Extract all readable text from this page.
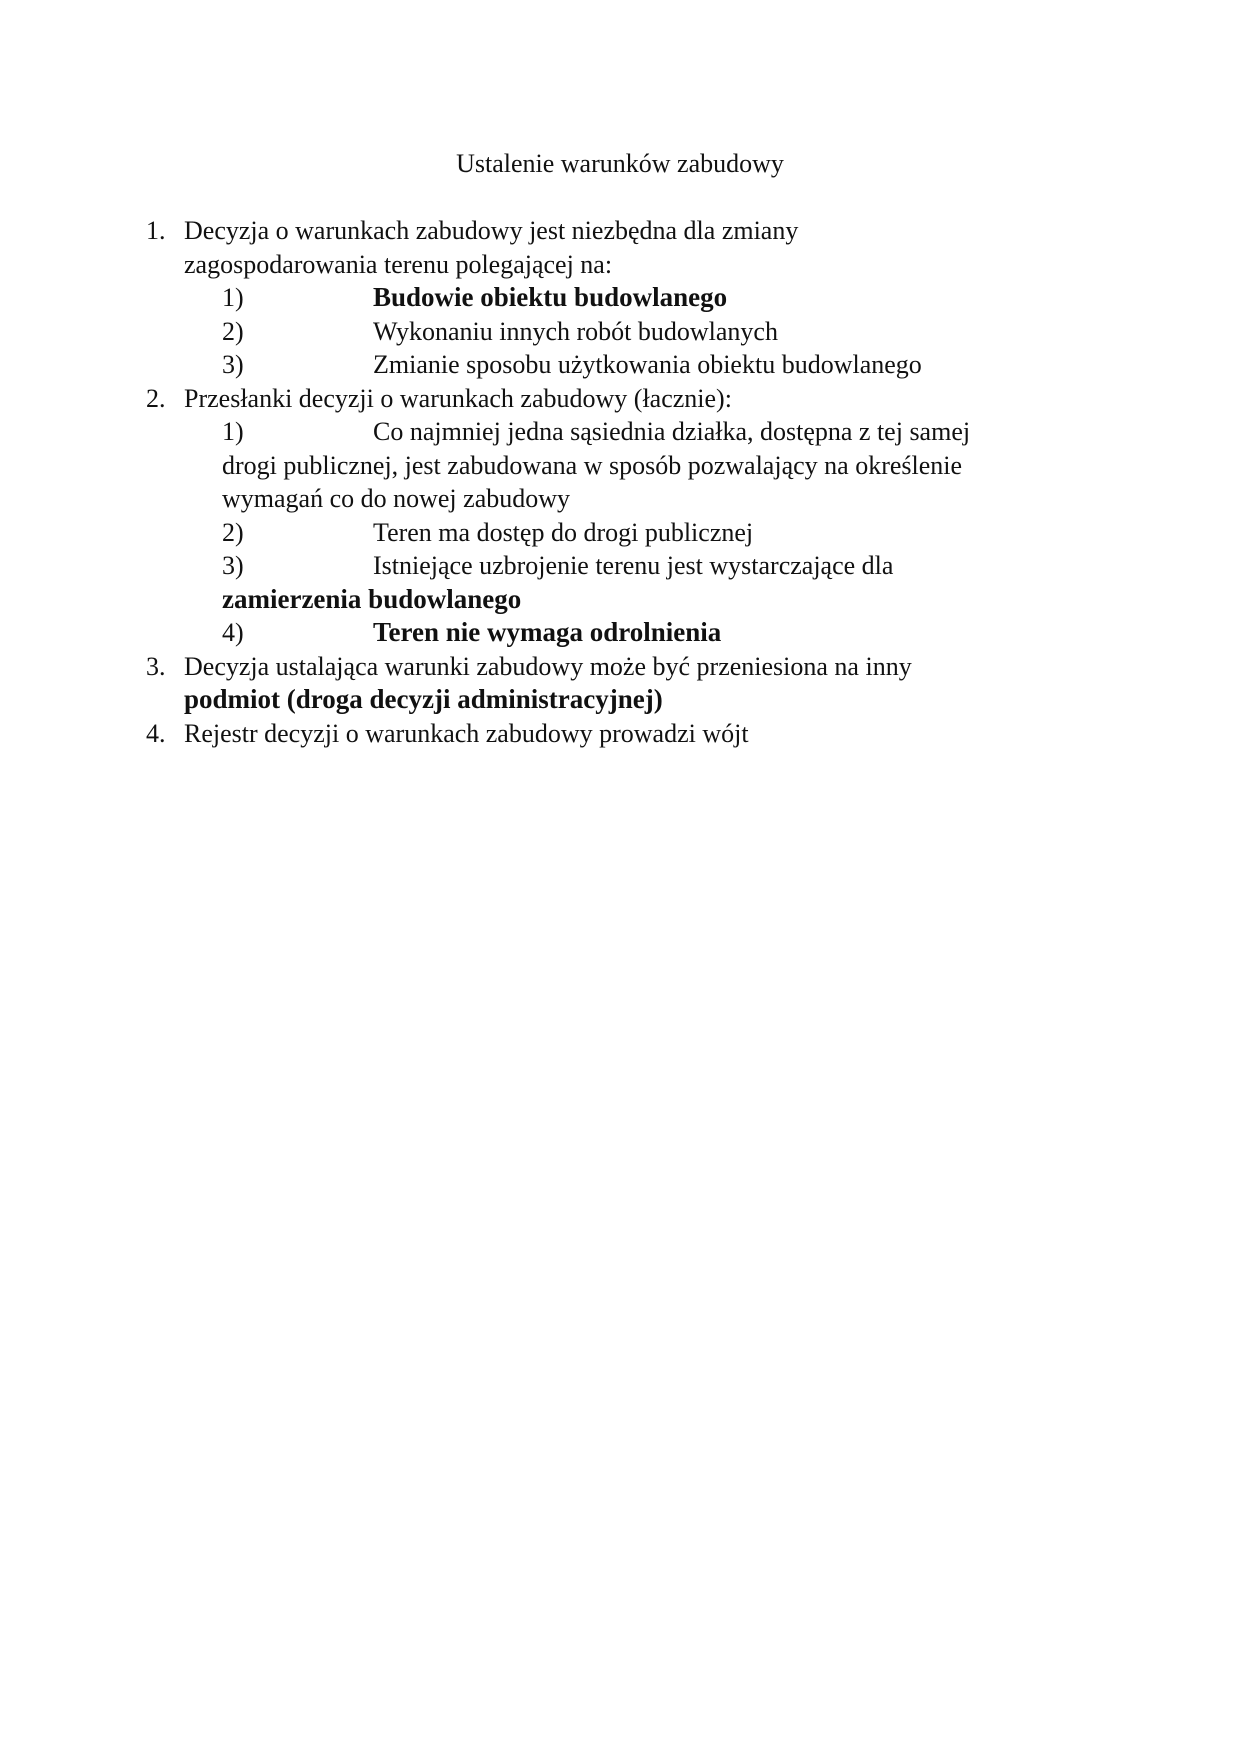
Ustalenie warunków zabudowy
1. Decyzja o warunkach zabudowy jest niezbędna dla zmiany
zagospodarowania terenu polegającej na:
1)	Budowie obiektu budowlanego
2)	Wykonaniu innych robót budowlanych
3)	Zmianie sposobu użytkowania obiektu budowlanego
2. Przesłanki decyzji o warunkach zabudowy (łacznie):
1)	Co najmniej jedna sąsiednia działka, dostępna z tej samej
drogi publicznej, jest zabudowana w sposób pozwalający na określenie
wymagań co do nowej zabudowy
2)	Teren ma dostęp do drogi publicznej
3)	Istniejące uzbrojenie terenu jest wystarczające dla
zamierzenia budowlanego
4)	Teren nie wymaga odrolnienia
3. Decyzja ustalająca warunki zabudowy może być przeniesiona na inny
podmiot (droga decyzji administracyjnej)
4. Rejestr decyzji o warunkach zabudowy prowadzi wójt
